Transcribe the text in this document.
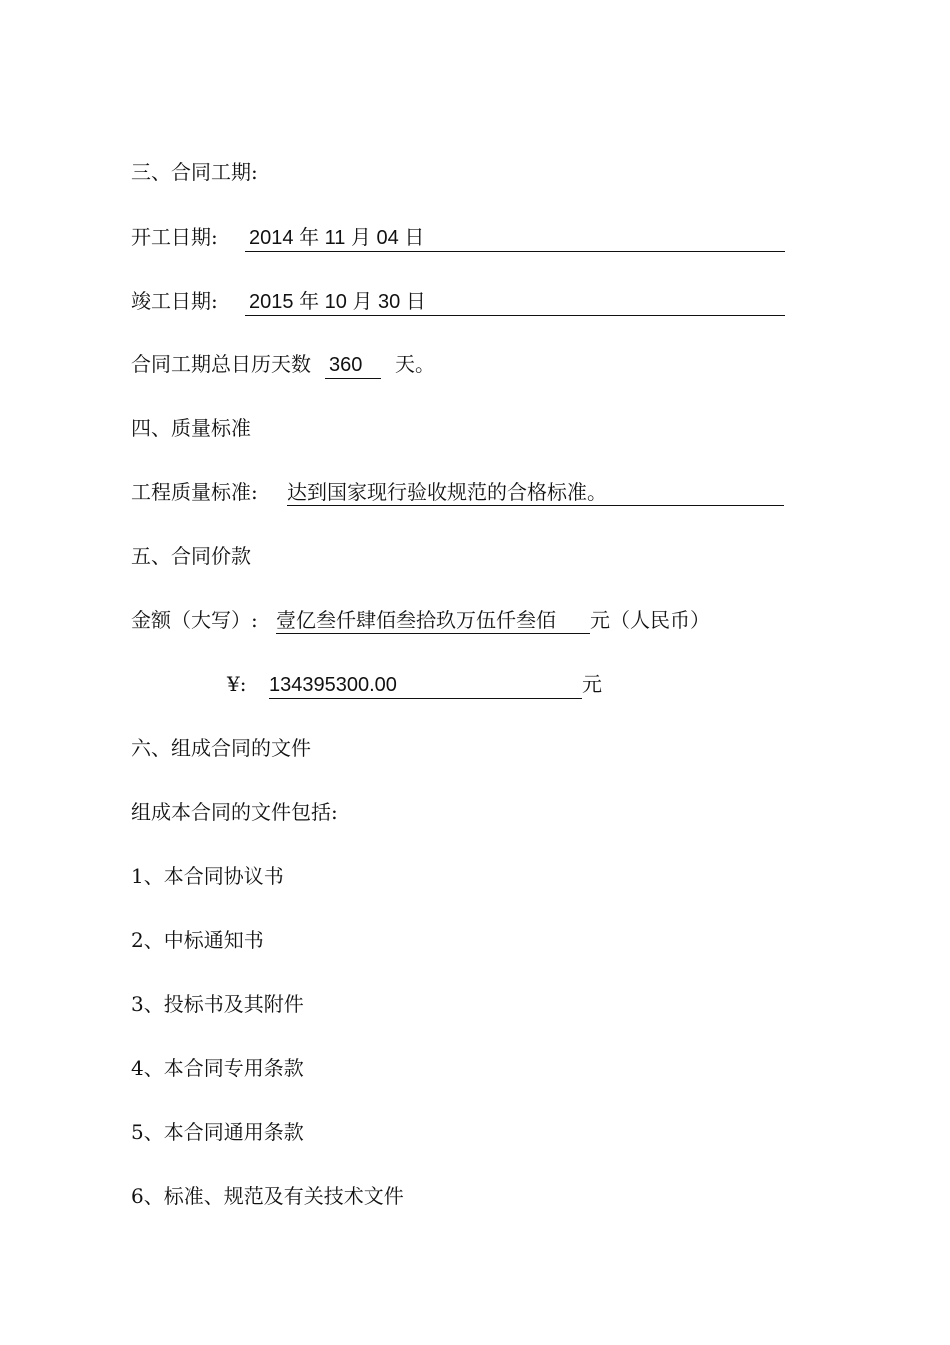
三、合同工期:
开工日期: 2014 年 11 月 04 日
竣工日期: 2015 年 10 月 30 日
合同工期总日历天数 360 天。
四、质量标准
工程质量标准: 达到国家现行验收规范的合格标准。
五、合同价款
金额（大写）: 壹亿叁仟肆佰叁拾玖万伍仟叁佰 元（人民币）
¥: 134395300.00	元
六、组成合同的文件
组成本合同的文件包括:
1、本合同协议书
2、中标通知书
3、投标书及其附件
4、本合同专用条款
5、本合同通用条款
6、标准、规范及有关技术文件
